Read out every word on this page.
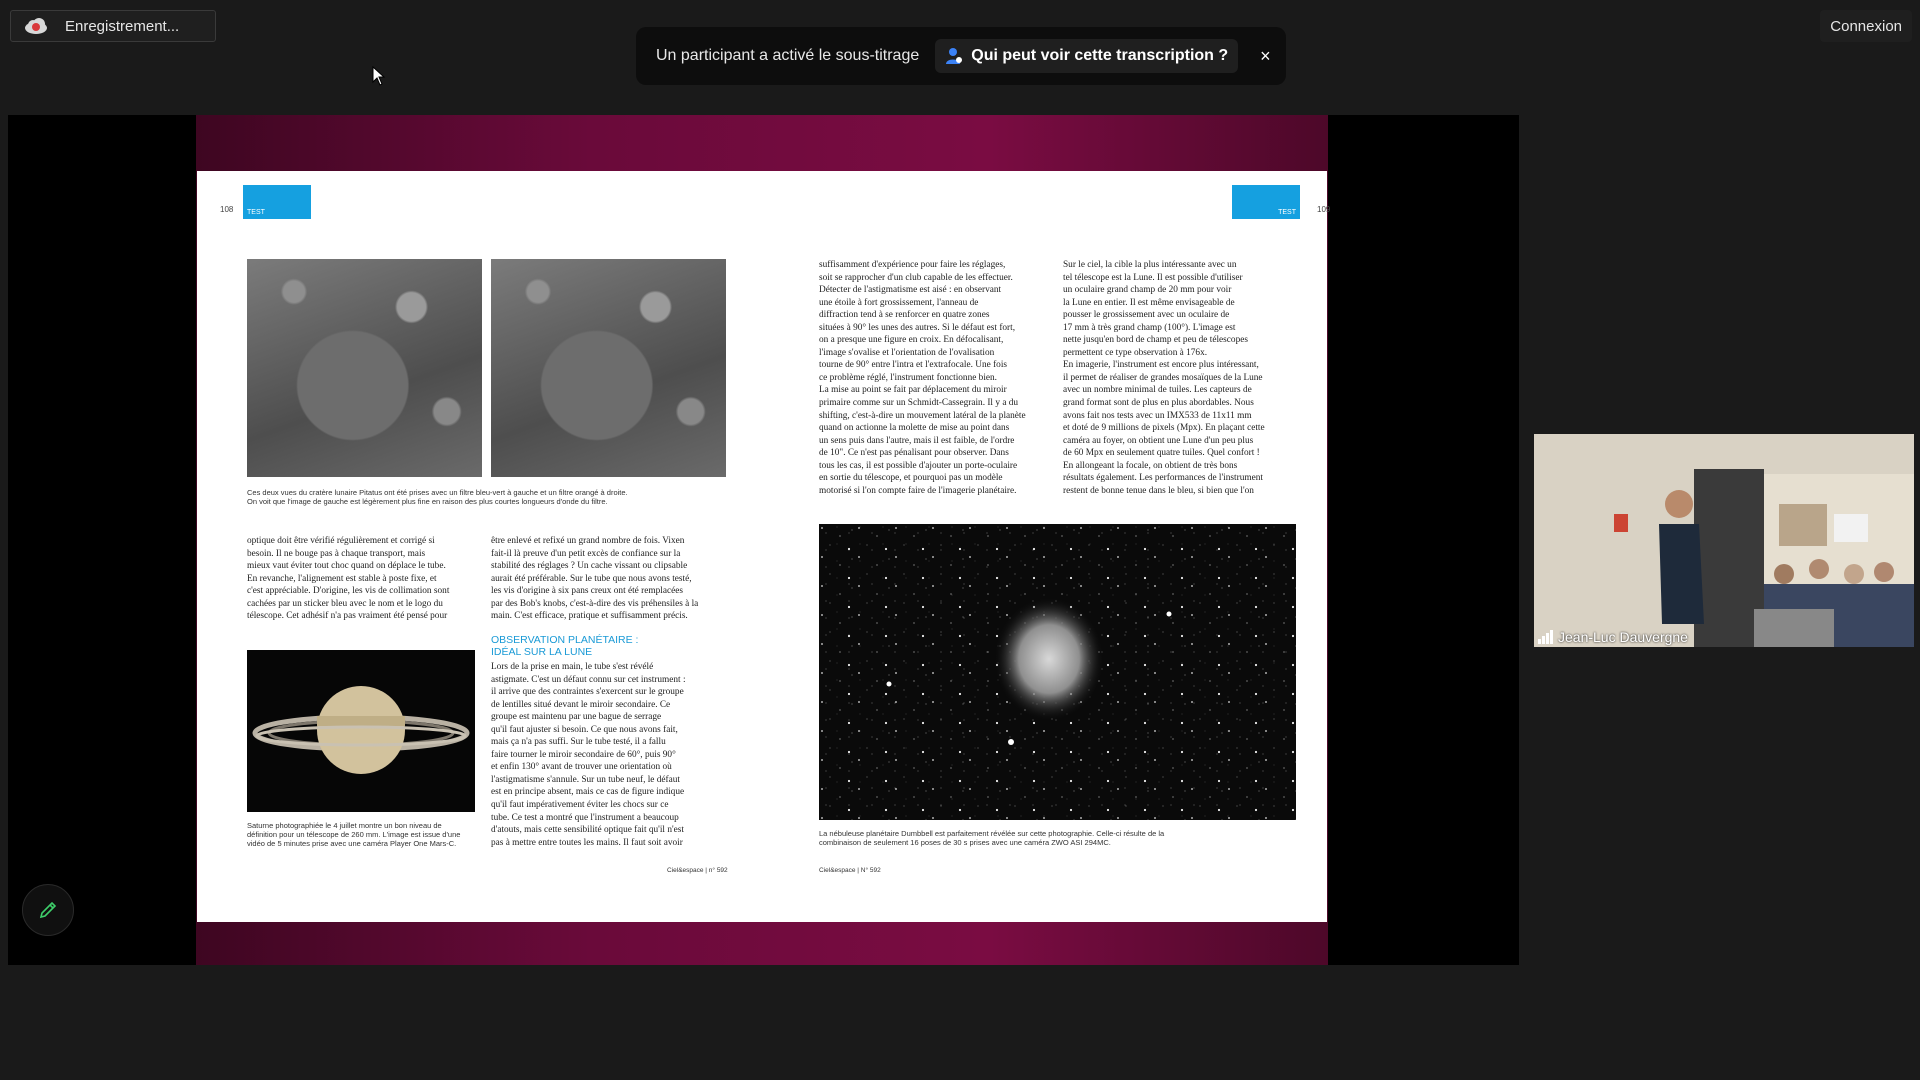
Enregistrement...
Un participant a activé le sous-titrage	Qui peut voir cette transcription ? ×
Connexion
108	TEST	TEST	109
Ces deux vues du cratère lunaire Pitatus ont été prises avec un filtre bleu-vert à gauche et un filtre orangé à droite.
On voit que l'image de gauche est légèrement plus fine en raison des plus courtes longueurs d'onde du filtre.
optique doit être vérifié régulièrement et corrigé si
besoin. Il ne bouge pas à chaque transport, mais
mieux vaut éviter tout choc quand on déplace le tube.
En revanche, l'alignement est stable à poste fixe, et
c'est appréciable. D'origine, les vis de collimation sont
cachées par un sticker bleu avec le nom et le logo du
télescope. Cet adhésif n'a pas vraiment été pensé pour
Saturne photographiée le 4 juillet montre un bon niveau de
définition pour un télescope de 260 mm. L'image est issue d'une
vidéo de 5 minutes prise avec une caméra Player One Mars-C.
être enlevé et refixé un grand nombre de fois. Vixen
fait-il là preuve d'un petit excès de confiance sur la
stabilité des réglages ? Un cache vissant ou clipsable
aurait été préférable. Sur le tube que nous avons testé,
les vis d'origine à six pans creux ont été remplacées
par des Bob's knobs, c'est-à-dire des vis préhensiles à la
main. C'est efficace, pratique et suffisamment précis.
OBSERVATION PLANÉTAIRE :
IDÉAL SUR LA LUNE
Lors de la prise en main, le tube s'est révélé
astigmate. C'est un défaut connu sur cet instrument :
il arrive que des contraintes s'exercent sur le groupe
de lentilles situé devant le miroir secondaire. Ce
groupe est maintenu par une bague de serrage
qu'il faut ajuster si besoin. Ce que nous avons fait,
mais ça n'a pas suffi. Sur le tube testé, il a fallu
faire tourner le miroir secondaire de 60°, puis 90°
et enfin 130° avant de trouver une orientation où
l'astigmatisme s'annule. Sur un tube neuf, le défaut
est en principe absent, mais ce cas de figure indique
qu'il faut impérativement éviter les chocs sur ce
tube. Ce test a montré que l'instrument a beaucoup
d'atouts, mais cette sensibilité optique fait qu'il n'est
pas à mettre entre toutes les mains. Il faut soit avoir
Ciel&espace | n° 592
suffisamment d'expérience pour faire les réglages,
soit se rapprocher d'un club capable de les effectuer.
Détecter de l'astigmatisme est aisé : en observant
une étoile à fort grossissement, l'anneau de
diffraction tend à se renforcer en quatre zones
situées à 90° les unes des autres. Si le défaut est fort,
on a presque une figure en croix. En défocalisant,
l'image s'ovalise et l'orientation de l'ovalisation
tourne de 90° entre l'intra et l'extrafocale. Une fois
ce problème réglé, l'instrument fonctionne bien.
La mise au point se fait par déplacement du miroir
primaire comme sur un Schmidt-Cassegrain. Il y a du
shifting, c'est-à-dire un mouvement latéral de la planète
quand on actionne la molette de mise au point dans
un sens puis dans l'autre, mais il est faible, de l'ordre
de 10". Ce n'est pas pénalisant pour observer. Dans
tous les cas, il est possible d'ajouter un porte-oculaire
en sortie du télescope, et pourquoi pas un modèle
motorisé si l'on compte faire de l'imagerie planétaire.
Sur le ciel, la cible la plus intéressante avec un
tel télescope est la Lune. Il est possible d'utiliser
un oculaire grand champ de 20 mm pour voir
la Lune en entier. Il est même envisageable de
pousser le grossissement avec un oculaire de
17 mm à très grand champ (100°). L'image est
nette jusqu'en bord de champ et peu de télescopes
permettent ce type observation à 176x.
En imagerie, l'instrument est encore plus intéressant,
il permet de réaliser de grandes mosaïques de la Lune
avec un nombre minimal de tuiles. Les capteurs de
grand format sont de plus en plus abordables. Nous
avons fait nos tests avec un IMX533 de 11x11 mm
et doté de 9 millions de pixels (Mpx). En plaçant cette
caméra au foyer, on obtient une Lune d'un peu plus
de 60 Mpx en seulement quatre tuiles. Quel confort !
En allongeant la focale, on obtient de très bons
résultats également. Les performances de l'instrument
restent de bonne tenue dans le bleu, si bien que l'on
La nébuleuse planétaire Dumbbell est parfaitement révélée sur cette photographie. Celle-ci résulte de la
combinaison de seulement 16 poses de 30 s prises avec une caméra ZWO ASI 294MC.
Ciel&espace | N° 592
Jean-Luc Dauvergne
